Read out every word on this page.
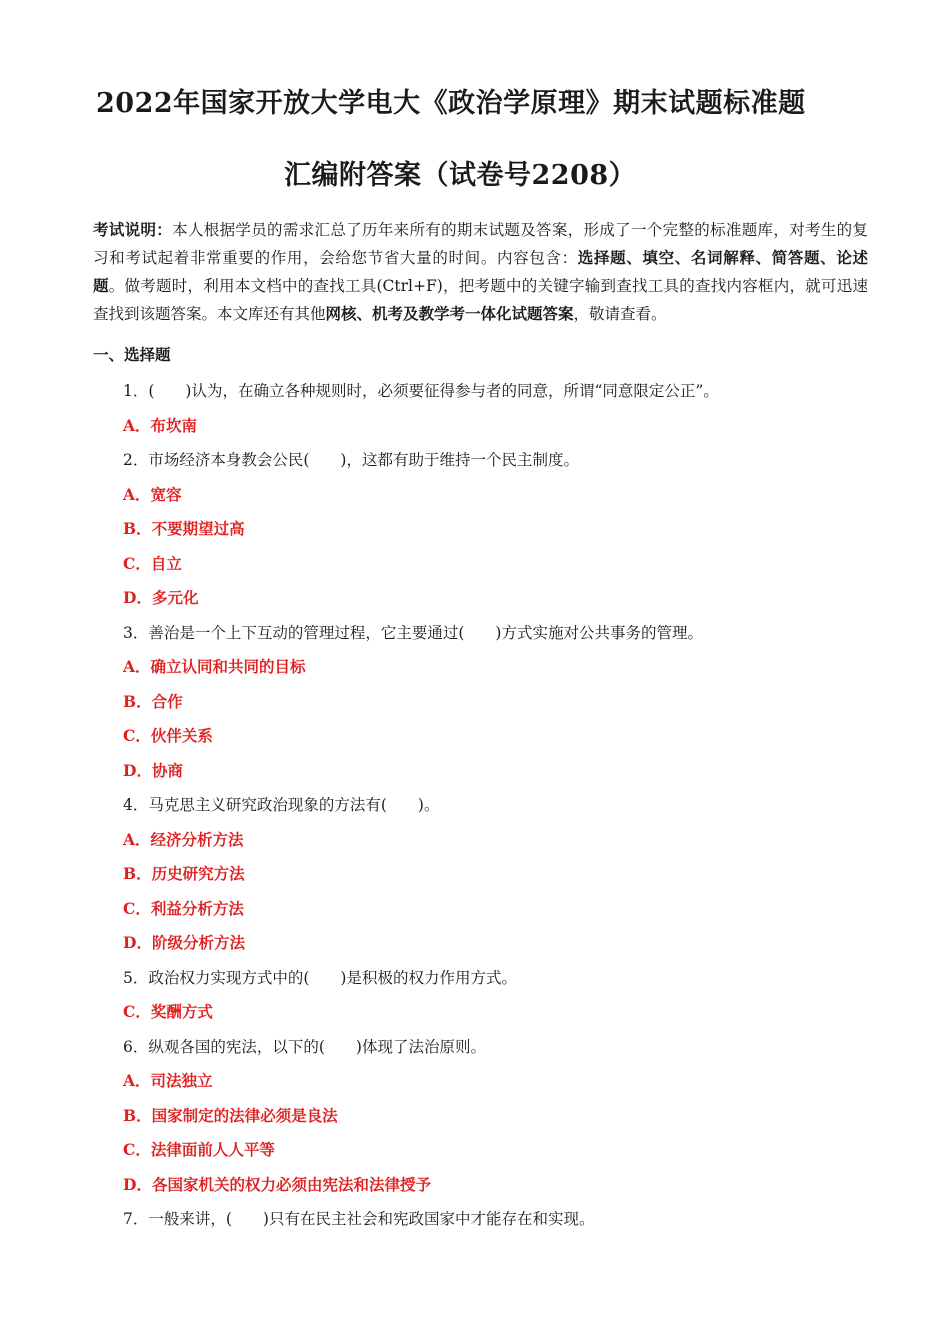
2022年国家开放大学电大《政治学原理》期末试题标准题
汇编附答案（试卷号2208）
考试说明：本人根据学员的需求汇总了历年来所有的期末试题及答案，形成了一个完整的标准题库，对考生的复习和考试起着非常重要的作用，会给您节省大量的时间。内容包含：选择题、填空、名词解释、简答题、论述题。做考题时，利用本文档中的查找工具(Ctrl+F)，把考题中的关键字输到查找工具的查找内容框内，就可迅速查找到该题答案。本文库还有其他网核、机考及教学考一体化试题答案，敬请查看。
一、选择题
1．(　　)认为，在确立各种规则时，必须要征得参与者的同意，所谓“同意限定公正”。
A．布坎南
2．市场经济本身教会公民(　　)，这都有助于维持一个民主制度。
A．宽容
B．不要期望过高
C．自立
D．多元化
3．善治是一个上下互动的管理过程，它主要通过(　　)方式实施对公共事务的管理。
A．确立认同和共同的目标
B．合作
C．伙伴关系
D．协商
4．马克思主义研究政治现象的方法有(　　)。
A．经济分析方法
B．历史研究方法
C．利益分析方法
D．阶级分析方法
5．政治权力实现方式中的(　　)是积极的权力作用方式。
C．奖酬方式
6．纵观各国的宪法，以下的(　　)体现了法治原则。
A．司法独立
B．国家制定的法律必须是良法
C．法律面前人人平等
D．各国家机关的权力必须由宪法和法律授予
7．一般来讲，(　　)只有在民主社会和宪政国家中才能存在和实现。
